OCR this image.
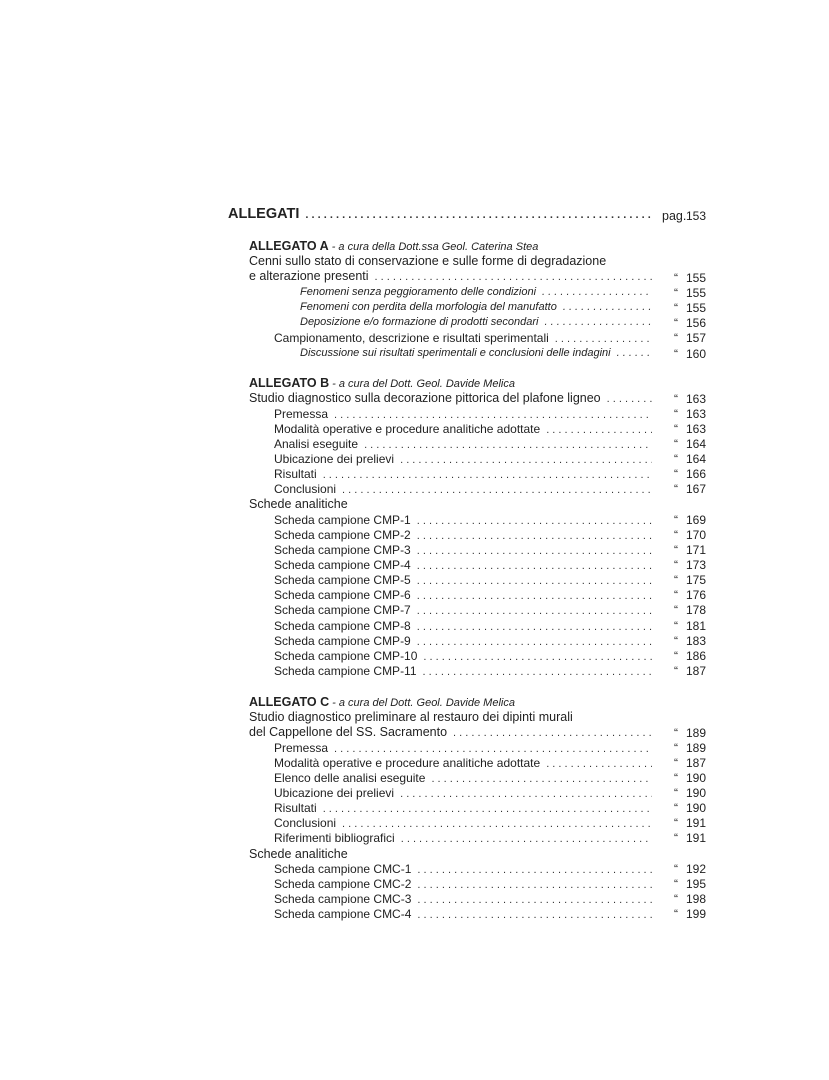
ALLEGATI . . .	pag. 153
ALLEGATO A - a cura della Dott.ssa Geol. Caterina Stea
Cenni sullo stato di conservazione e sulle forme di degradazione
e alterazione presenti . . .	“ 155
Fenomeni senza peggioramento delle condizioni . . .	“ 155
Fenomeni con perdita della morfologia del manufatto . . .	“ 155
Deposizione e/o formazione di prodotti secondari . . .	“ 156
Campionamento, descrizione e risultati sperimentali . . .	“ 157
Discussione sui risultati sperimentali e conclusioni delle indagini . . .	“ 160
ALLEGATO B - a cura del Dott. Geol. Davide Melica
Studio diagnostico sulla decorazione pittorica del plafone ligneo . . .	“ 163
Premessa . . .	“ 163
Modalità operative e procedure analitiche adottate . . .	“ 163
Analisi eseguite . . .	“ 164
Ubicazione dei prelievi . . .	“ 164
Risultati . . .	“ 166
Conclusioni . . .	“ 167
Schede analitiche
Scheda campione CMP-1 . . .	“ 169
Scheda campione CMP-2 . . .	“ 170
Scheda campione CMP-3 . . .	“ 171
Scheda campione CMP-4 . . .	“ 173
Scheda campione CMP-5 . . .	“ 175
Scheda campione CMP-6 . . .	“ 176
Scheda campione CMP-7 . . .	“ 178
Scheda campione CMP-8 . . .	“ 181
Scheda campione CMP-9 . . .	“ 183
Scheda campione CMP-10 . . .	“ 186
Scheda campione CMP-11 . . .	“ 187
ALLEGATO C - a cura del Dott. Geol. Davide Melica
Studio diagnostico preliminare al restauro dei dipinti murali
del Cappellone del SS. Sacramento . . .	“ 189
Premessa . . .	“ 189
Modalità operative e procedure analitiche adottate . . .	“ 187
Elenco delle analisi eseguite . . .	“ 190
Ubicazione dei prelievi . . .	“ 190
Risultati . . .	“ 190
Conclusioni . . .	“ 191
Riferimenti bibliografici . . .	“ 191
Schede analitiche
Scheda campione CMC-1 . . .	“ 192
Scheda campione CMC-2 . . .	“ 195
Scheda campione CMC-3 . . .	“ 198
Scheda campione CMC-4 . . .	“ 199
